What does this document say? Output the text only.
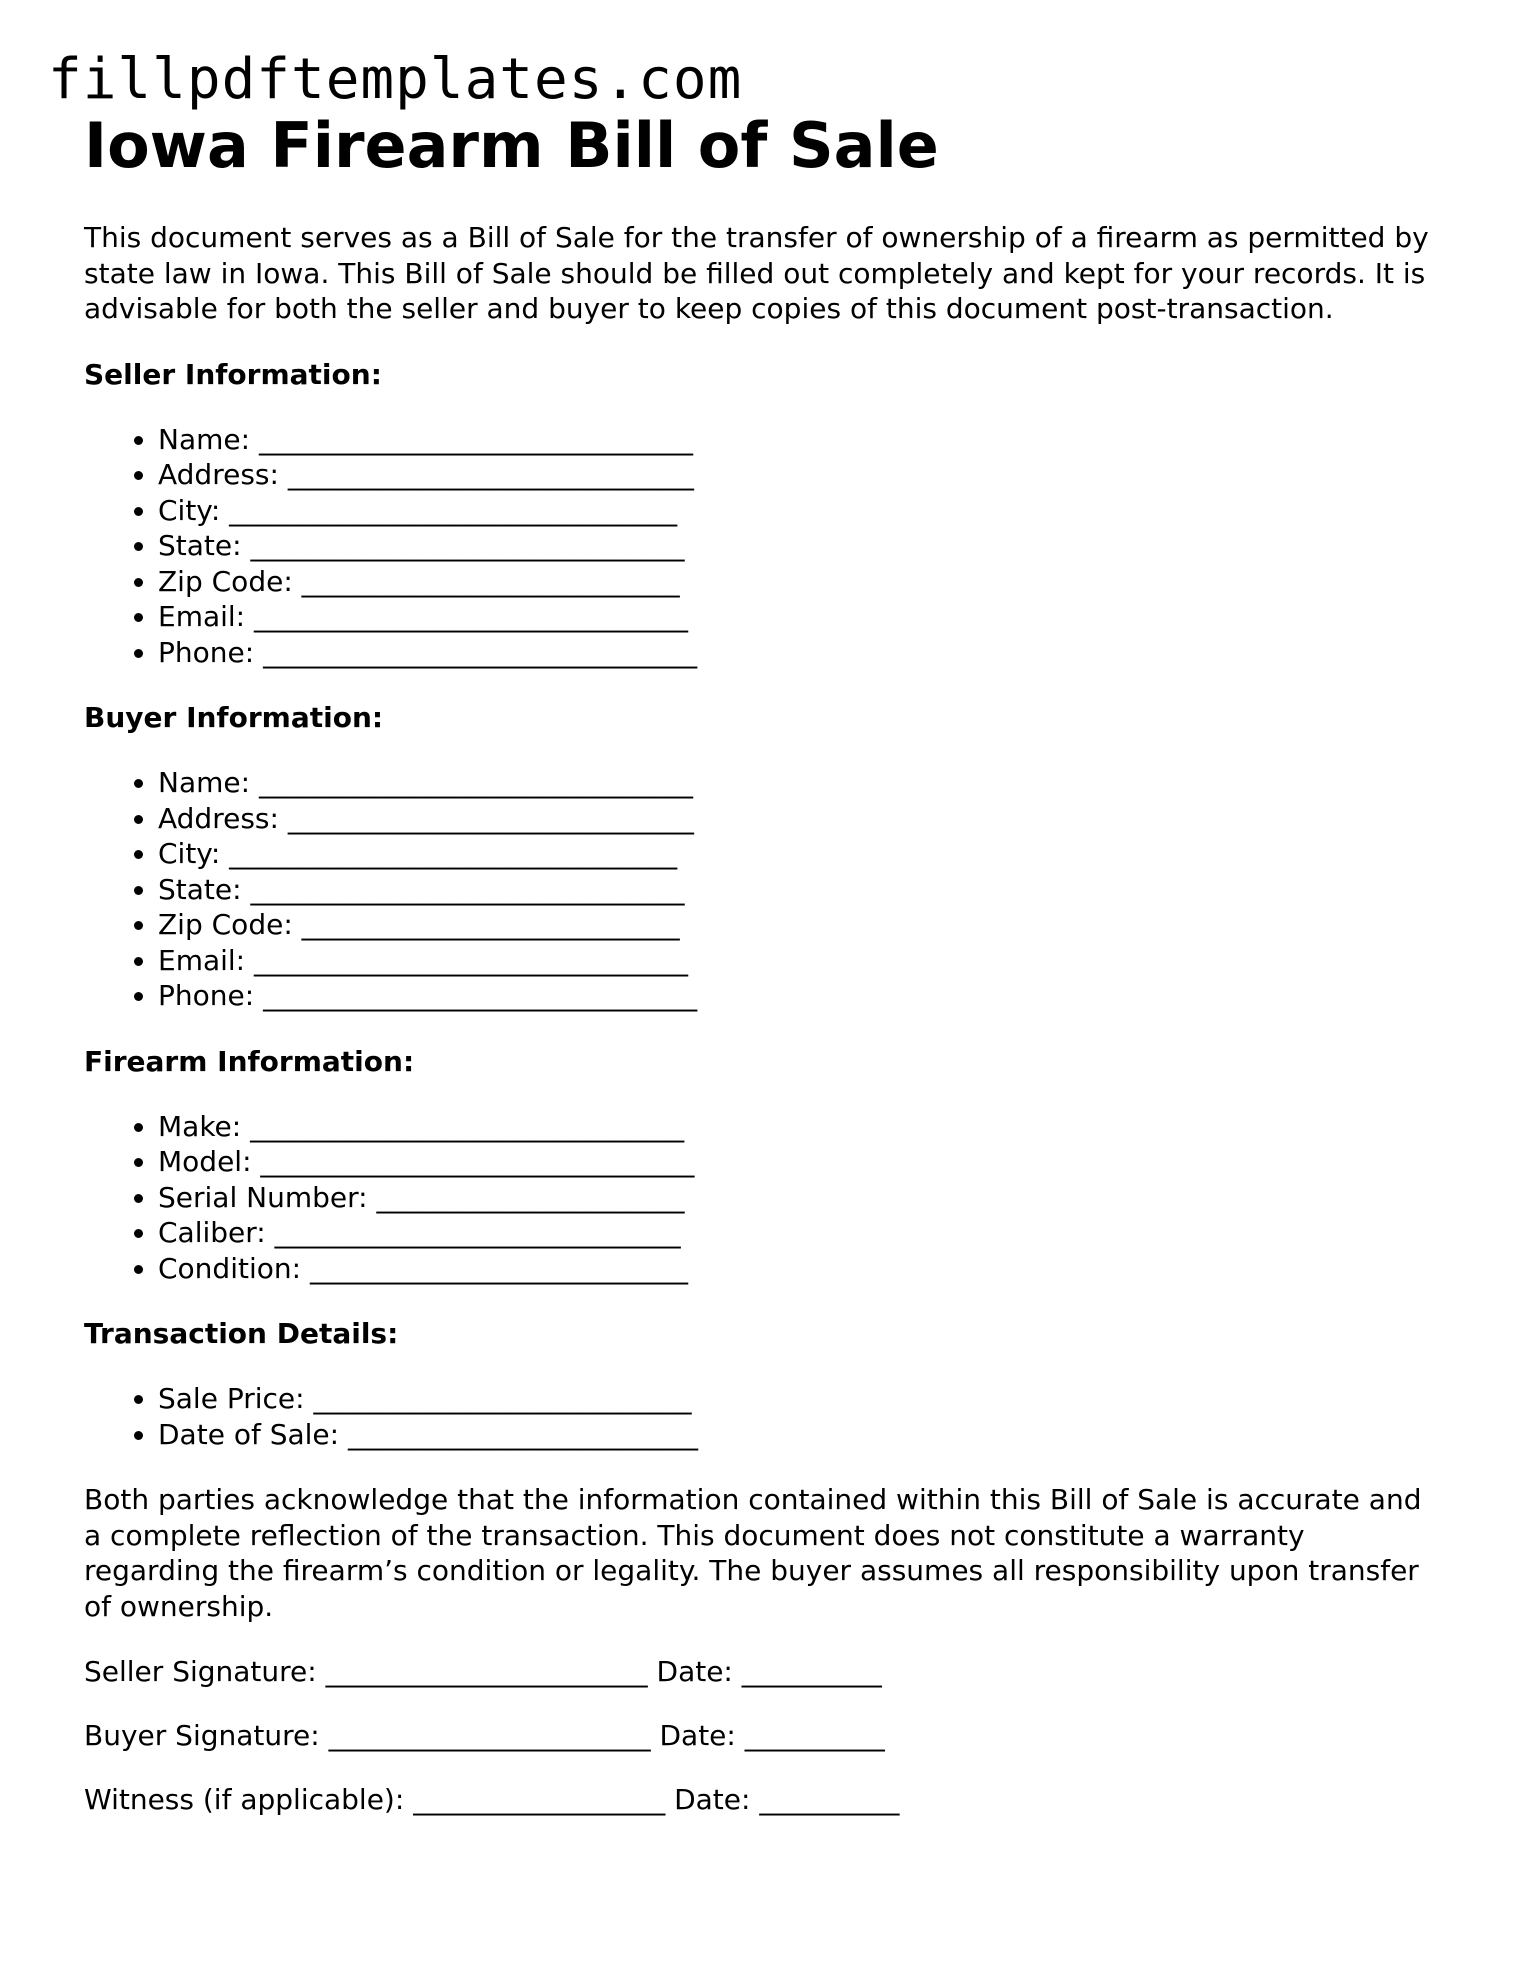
fillpdftemplates.com
Iowa Firearm Bill of Sale

This document serves as a Bill of Sale for the transfer of ownership of a firearm as permitted by state law in Iowa. This Bill of Sale should be filled out completely and kept for your records. It is advisable for both the seller and buyer to keep copies of this document post-transaction.

Seller Information:
• Name: _______________________________
• Address: _____________________________
• City: ________________________________
• State: _______________________________
• Zip Code: ___________________________
• Email: _______________________________
• Phone: _______________________________
Buyer Information:
• Name: _______________________________
• Address: _____________________________
• City: ________________________________
• State: _______________________________
• Zip Code: ___________________________
• Email: _______________________________
• Phone: _______________________________
Firearm Information:
• Make: _______________________________
• Model: _______________________________
• Serial Number: ______________________
• Caliber: _____________________________
• Condition: ___________________________
Transaction Details:
• Sale Price: ___________________________
• Date of Sale: _________________________

Both parties acknowledge that the information contained within this Bill of Sale is accurate and a complete reflection of the transaction. This document does not constitute a warranty regarding the firearm’s condition or legality. The buyer assumes all responsibility upon transfer of ownership.

Seller Signature: _______________________ Date: __________

Buyer Signature: _______________________ Date: __________

Witness (if applicable): __________________ Date: __________
